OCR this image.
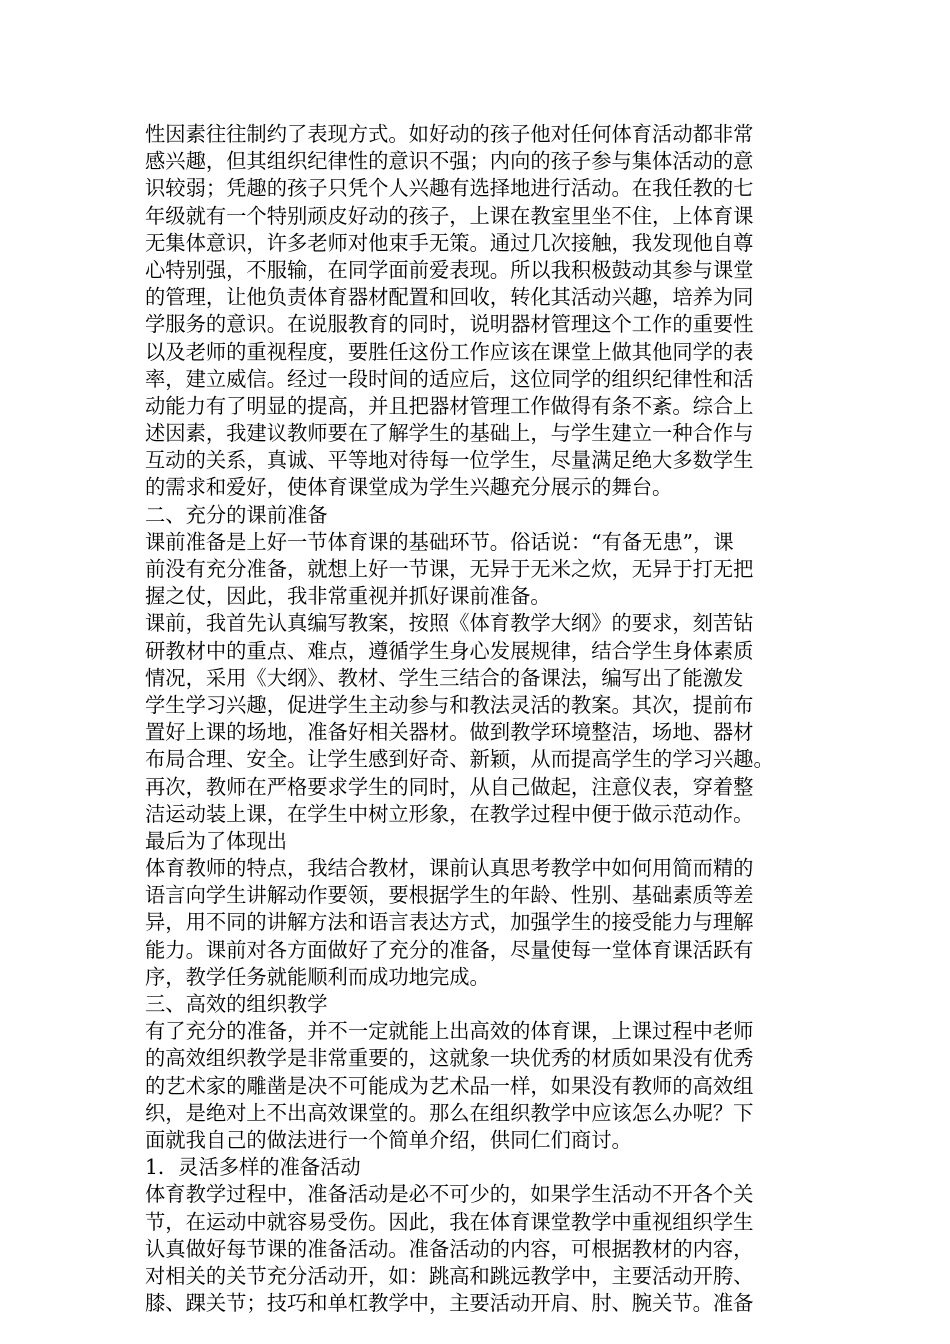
性因素往往制约了表现方式。如好动的孩子他对任何体育活动都非常
感兴趣，但其组织纪律性的意识不强；内向的孩子参与集体活动的意
识较弱；凭趣的孩子只凭个人兴趣有选择地进行活动。在我任教的七
年级就有一个特别顽皮好动的孩子，上课在教室里坐不住，上体育课
无集体意识，许多老师对他束手无策。通过几次接触，我发现他自尊
心特别强，不服输，在同学面前爱表现。所以我积极鼓动其参与课堂
的管理，让他负责体育器材配置和回收，转化其活动兴趣，培养为同
学服务的意识。在说服教育的同时，说明器材管理这个工作的重要性
以及老师的重视程度，要胜任这份工作应该在课堂上做其他同学的表
率，建立威信。经过一段时间的适应后，这位同学的组织纪律性和活
动能力有了明显的提高，并且把器材管理工作做得有条不紊。综合上
述因素，我建议教师要在了解学生的基础上，与学生建立一种合作与
互动的关系，真诚、平等地对待每一位学生，尽量满足绝大多数学生
的需求和爱好，使体育课堂成为学生兴趣充分展示的舞台。
二、充分的课前准备
课前准备是上好一节体育课的基础环节。俗话说：“有备无患”，课
前没有充分准备，就想上好一节课，无异于无米之炊，无异于打无把
握之仗，因此，我非常重视并抓好课前准备。
课前，我首先认真编写教案，按照《体育教学大纲》的要求，刻苦钻
研教材中的重点、难点，遵循学生身心发展规律，结合学生身体素质
情况，采用《大纲》、教材、学生三结合的备课法，编写出了能激发
学生学习兴趣，促进学生主动参与和教法灵活的教案。其次，提前布
置好上课的场地，准备好相关器材。做到教学环境整洁，场地、器材
布局合理、安全。让学生感到好奇、新颖，从而提高学生的学习兴趣。
再次，教师在严格要求学生的同时，从自己做起，注意仪表，穿着整
洁运动装上课，在学生中树立形象，在教学过程中便于做示范动作。
最后为了体现出
体育教师的特点，我结合教材，课前认真思考教学中如何用简而精的
语言向学生讲解动作要领，要根据学生的年龄、性别、基础素质等差
异，用不同的讲解方法和语言表达方式，加强学生的接受能力与理解
能力。课前对各方面做好了充分的准备，尽量使每一堂体育课活跃有
序，教学任务就能顺利而成功地完成。
三、高效的组织教学
有了充分的准备，并不一定就能上出高效的体育课，上课过程中老师
的高效组织教学是非常重要的，这就象一块优秀的材质如果没有优秀
的艺术家的雕凿是决不可能成为艺术品一样，如果没有教师的高效组
织，是绝对上不出高效课堂的。那么在组织教学中应该怎么办呢？下
面就我自己的做法进行一个简单介绍，供同仁们商讨。
1．灵活多样的准备活动
体育教学过程中，准备活动是必不可少的，如果学生活动不开各个关
节，在运动中就容易受伤。因此，我在体育课堂教学中重视组织学生
认真做好每节课的准备活动。准备活动的内容，可根据教材的内容，
对相关的关节充分活动开，如：跳高和跳远教学中，主要活动开胯、
膝、踝关节；技巧和单杠教学中，主要活动开肩、肘、腕关节。准备
